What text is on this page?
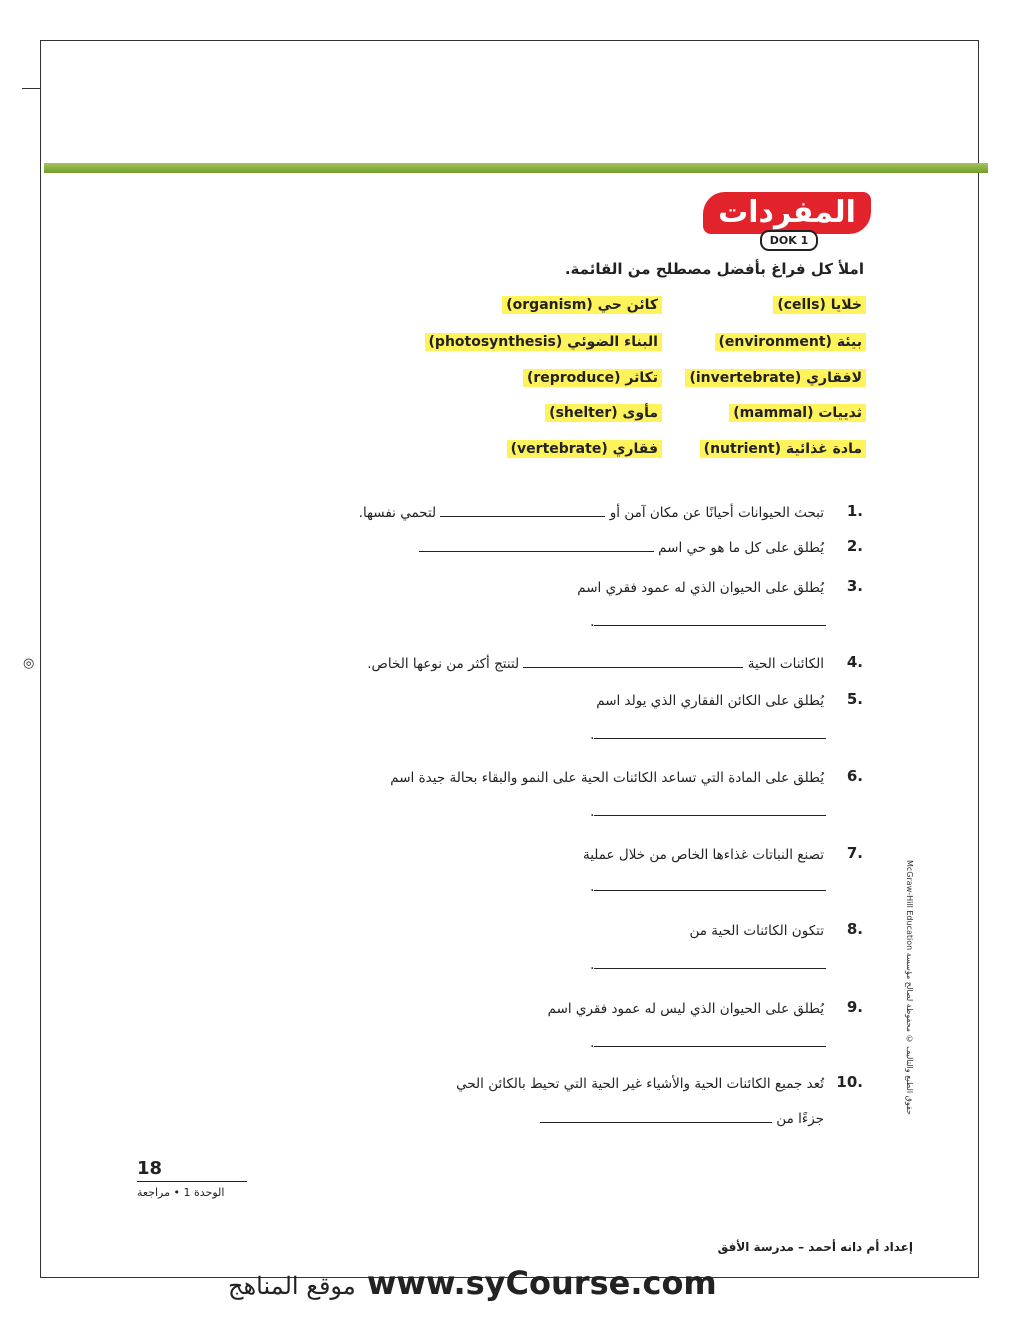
المفردات
DOK 1
املأ كل فراغ بأفضل مصطلح من القائمة.
خلايا (cells)
كائن حي (organism)
بيئة (environment)
البناء الضوئي (photosynthesis)
لافقاري (invertebrate)
تكاثر (reproduce)
ثدييات (mammal)
مأوى (shelter)
مادة غذائية (nutrient)
فقاري (vertebrate)
1.
تبحث الحيوانات أحيانًا عن مكان آمن أو  لتحمي نفسها.
2.
يُطلق على كل ما هو حي اسم
3.
يُطلق على الحيوان الذي له عمود فقري اسم
.
4.
الكائنات الحية  لتنتج أكثر من نوعها الخاص.
5.
يُطلق على الكائن الفقاري الذي يولد اسم
.
6.
يُطلق على المادة التي تساعد الكائنات الحية على النمو والبقاء بحالة جيدة اسم
.
7.
تصنع النباتات غذاءها الخاص من خلال عملية
.
8.
تتكون الكائنات الحية من
.
9.
يُطلق على الحيوان الذي ليس له عمود فقري اسم
.
10.
تُعد جميع الكائنات الحية والأشياء غير الحية التي تحيط بالكائن الحي
جزءًا من
◎
McGraw-Hill Education حقوق الطبع والتأليف © محفوظة لصالح مؤسسة
18
الوحدة 1 • مراجعة
إعداد أم دانه أحمد – مدرسة الأفق
موقع المناهج www.syCourse.com
